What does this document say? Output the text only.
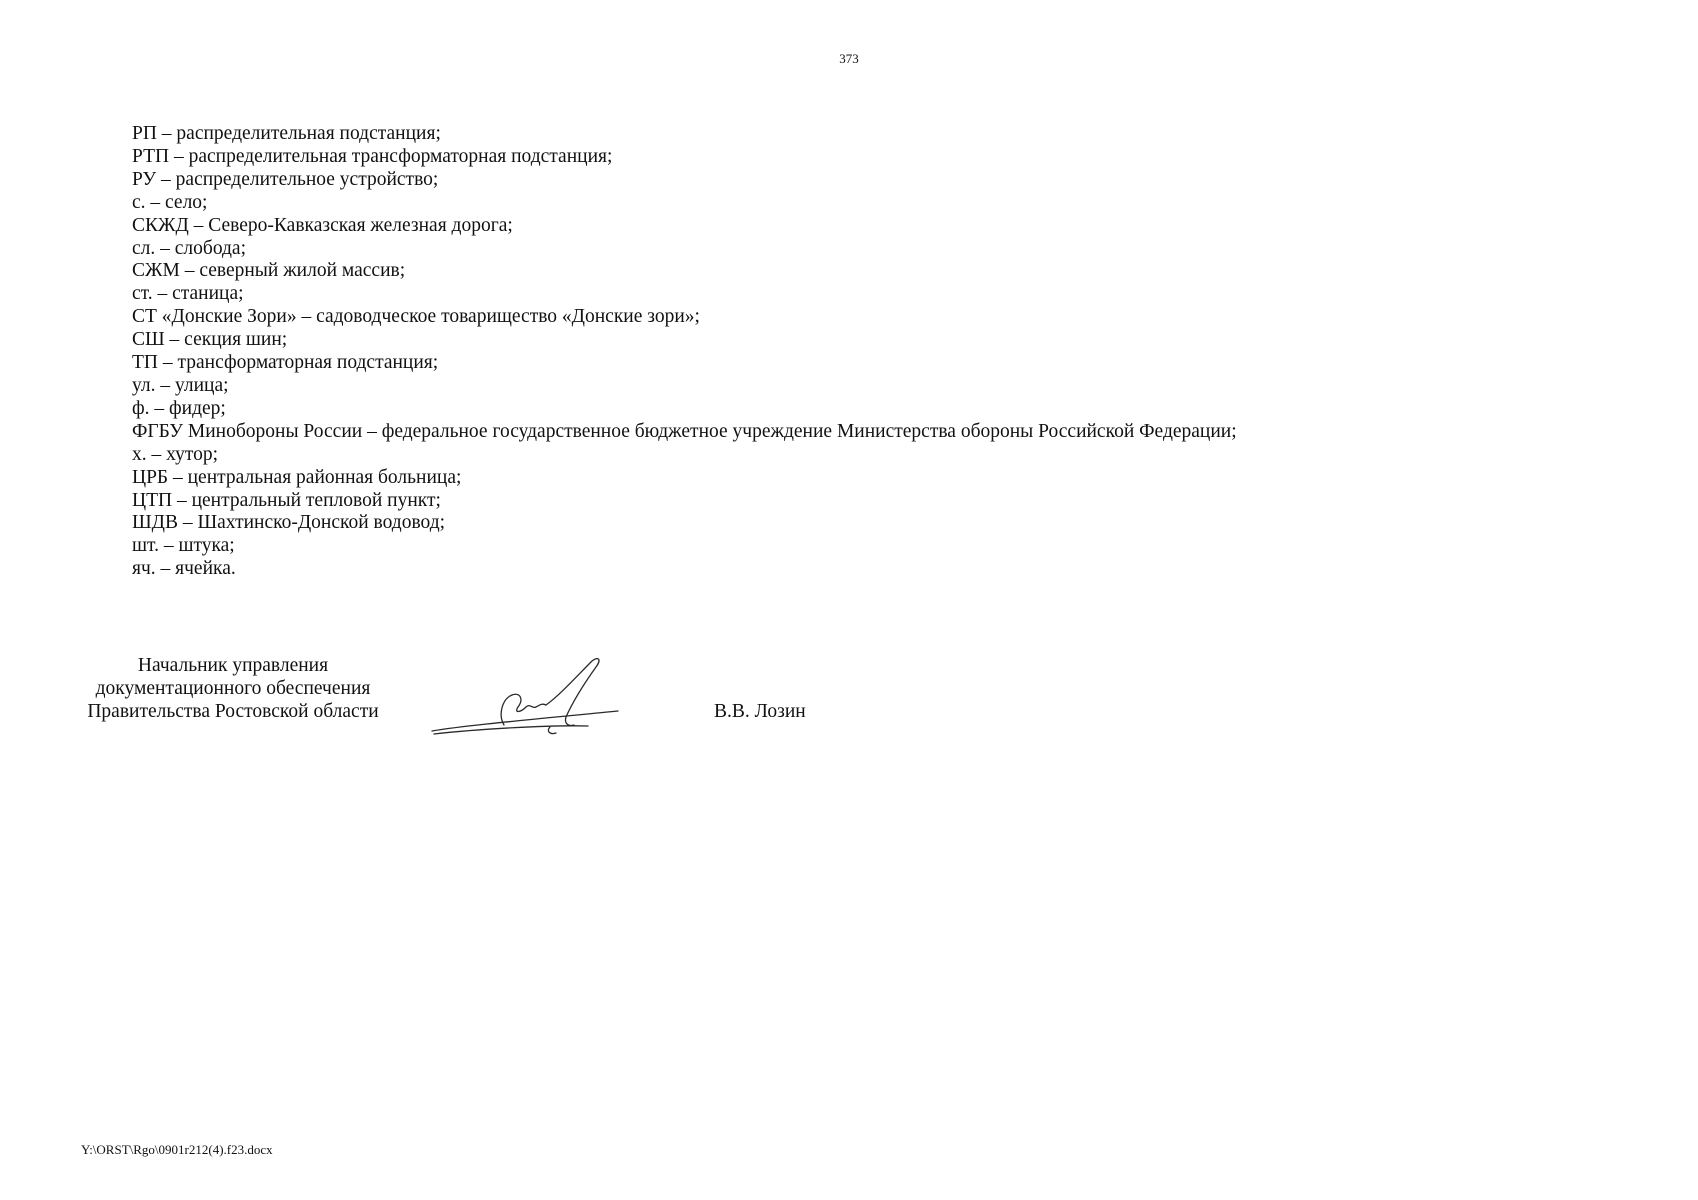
373
РП – распределительная подстанция;
РТП – распределительная трансформаторная подстанция;
РУ – распределительное устройство;
с. – село;
СКЖД – Северо-Кавказская железная дорога;
сл. – слобода;
СЖМ – северный жилой массив;
ст. – станица;
СТ «Донские Зори» – садоводческое товарищество «Донские зори»;
СШ – секция шин;
ТП – трансформаторная подстанция;
ул. – улица;
ф. – фидер;
ФГБУ Минобороны России – федеральное государственное бюджетное учреждение Министерства обороны Российской Федерации;
х. – хутор;
ЦРБ – центральная районная больница;
ЦТП – центральный тепловой пункт;
ШДВ – Шахтинско-Донской водовод;
шт. – штука;
яч. – ячейка.
Начальник управления
документационного обеспечения
Правительства Ростовской области	В.В. Лозин
Y:\ORST\Rgo\0901r212(4).f23.docx
